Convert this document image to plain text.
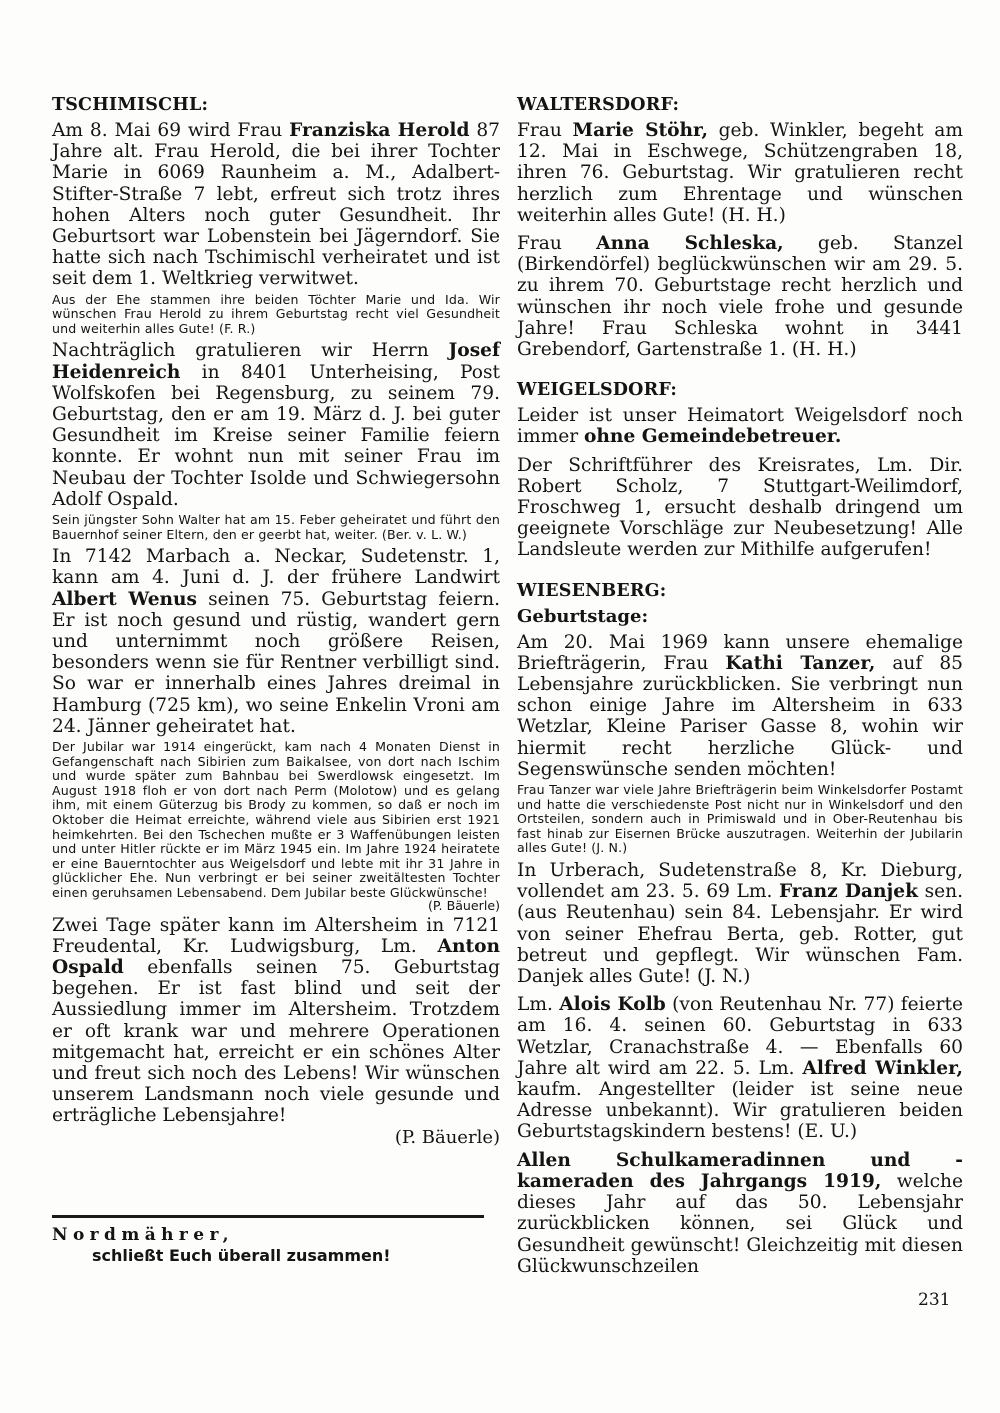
TSCHIMISCHL:

Am 8. Mai 69 wird Frau Franziska Herold 87 Jahre alt. Frau Herold, die bei ihrer Tochter Marie in 6069 Raunheim a. M., Adalbert-Stifter-Straße 7 lebt, erfreut sich trotz ihres hohen Alters noch guter Gesundheit. Ihr Geburtsort war Lobenstein bei Jägerndorf. Sie hatte sich nach Tschimischl verheiratet und ist seit dem 1. Weltkrieg verwitwet.

Aus der Ehe stammen ihre beiden Töchter Marie und Ida. Wir wünschen Frau Herold zu ihrem Geburtstag recht viel Gesundheit und weiterhin alles Gute! (F. R.)

Nachträglich gratulieren wir Herrn Josef Heidenreich in 8401 Unterheising, Post Wolfskofen bei Regensburg, zu seinem 79. Geburtstag, den er am 19. März d. J. bei guter Gesundheit im Kreise seiner Familie feiern konnte. Er wohnt nun mit seiner Frau im Neubau der Tochter Isolde und Schwiegersohn Adolf Ospald.

Sein jüngster Sohn Walter hat am 15. Feber geheiratet und führt den Bauernhof seiner Eltern, den er geerbt hat, weiter. (Ber. v. L. W.)

In 7142 Marbach a. Neckar, Sudetenstr. 1, kann am 4. Juni d. J. der frühere Landwirt Albert Wenus seinen 75. Geburtstag feiern. Er ist noch gesund und rüstig, wandert gern und unternimmt noch größere Reisen, besonders wenn sie für Rentner verbilligt sind. So war er innerhalb eines Jahres dreimal in Hamburg (725 km), wo seine Enkelin Vroni am 24. Jänner geheiratet hat.

Der Jubilar war 1914 eingerückt, kam nach 4 Monaten Dienst in Gefangenschaft nach Sibirien zum Baikalsee, von dort nach Ischim und wurde später zum Bahnbau bei Swerdlowsk eingesetzt. Im August 1918 floh er von dort nach Perm (Molotow) und es gelang ihm, mit einem Güterzug bis Brody zu kommen, so daß er noch im Oktober die Heimat erreichte, während viele aus Sibirien erst 1921 heimkehrten. Bei den Tschechen mußte er 3 Waffenübungen leisten und unter Hitler rückte er im März 1945 ein. Im Jahre 1924 heiratete er eine Bauerntochter aus Weigelsdorf und lebte mit ihr 31 Jahre in glücklicher Ehe. Nun verbringt er bei seiner zweitältesten Tochter einen geruhsamen Lebensabend. Dem Jubilar beste Glückwünsche!

(P. Bäuerle)

Zwei Tage später kann im Altersheim in 7121 Freudental, Kr. Ludwigsburg, Lm. Anton Ospald ebenfalls seinen 75. Geburtstag begehen. Er ist fast blind und seit der Aussiedlung immer im Altersheim. Trotzdem er oft krank war und mehrere Operationen mitgemacht hat, erreicht er ein schönes Alter und freut sich noch des Lebens! Wir wünschen unserem Landsmann noch viele gesunde und erträgliche Lebensjahre!

(P. Bäuerle)

Nordmährer,
schließt Euch überall zusammen!
WALTERSDORF:

Frau Marie Stöhr, geb. Winkler, begeht am 12. Mai in Eschwege, Schützengraben 18, ihren 76. Geburtstag. Wir gratulieren recht herzlich zum Ehrentage und wünschen weiterhin alles Gute! (H. H.)

Frau Anna Schleska, geb. Stanzel (Birkendörfel) beglückwünschen wir am 29. 5. zu ihrem 70. Geburtstage recht herzlich und wünschen ihr noch viele frohe und gesunde Jahre! Frau Schleska wohnt in 3441 Grebendorf, Gartenstraße 1. (H. H.)

WEIGELSDORF:

Leider ist unser Heimatort Weigelsdorf noch immer ohne Gemeindebetreuer.

Der Schriftführer des Kreisrates, Lm. Dir. Robert Scholz, 7 Stuttgart-Weilimdorf, Froschweg 1, ersucht deshalb dringend um geeignete Vorschläge zur Neubesetzung! Alle Landsleute werden zur Mithilfe aufgerufen!

WIESENBERG:
Geburtstage:

Am 20. Mai 1969 kann unsere ehemalige Briefträgerin, Frau Kathi Tanzer, auf 85 Lebensjahre zurückblicken. Sie verbringt nun schon einige Jahre im Altersheim in 633 Wetzlar, Kleine Pariser Gasse 8, wohin wir hiermit recht herzliche Glück- und Segenswünsche senden möchten!

Frau Tanzer war viele Jahre Briefträgerin beim Winkelsdorfer Postamt und hatte die verschiedenste Post nicht nur in Winkelsdorf und den Ortsteilen, sondern auch in Primiswald und in Ober-Reutenhau bis fast hinab zur Eisernen Brücke auszutragen. Weiterhin der Jubilarin alles Gute! (J. N.)

In Urberach, Sudetenstraße 8, Kr. Dieburg, vollendet am 23. 5. 69 Lm. Franz Danjek sen. (aus Reutenhau) sein 84. Lebensjahr. Er wird von seiner Ehefrau Berta, geb. Rotter, gut betreut und gepflegt. Wir wünschen Fam. Danjek alles Gute! (J. N.)

Lm. Alois Kolb (von Reutenhau Nr. 77) feierte am 16. 4. seinen 60. Geburtstag in 633 Wetzlar, Cranachstraße 4. — Ebenfalls 60 Jahre alt wird am 22. 5. Lm. Alfred Winkler, kaufm. Angestellter (leider ist seine neue Adresse unbekannt). Wir gratulieren beiden Geburtstagskindern bestens! (E. U.)

Allen Schulkameradinnen und -kameraden des Jahrgangs 1919, welche dieses Jahr auf das 50. Lebensjahr zurückblicken können, sei Glück und Gesundheit gewünscht! Gleichzeitig mit diesen Glückwunschzeilen

231
